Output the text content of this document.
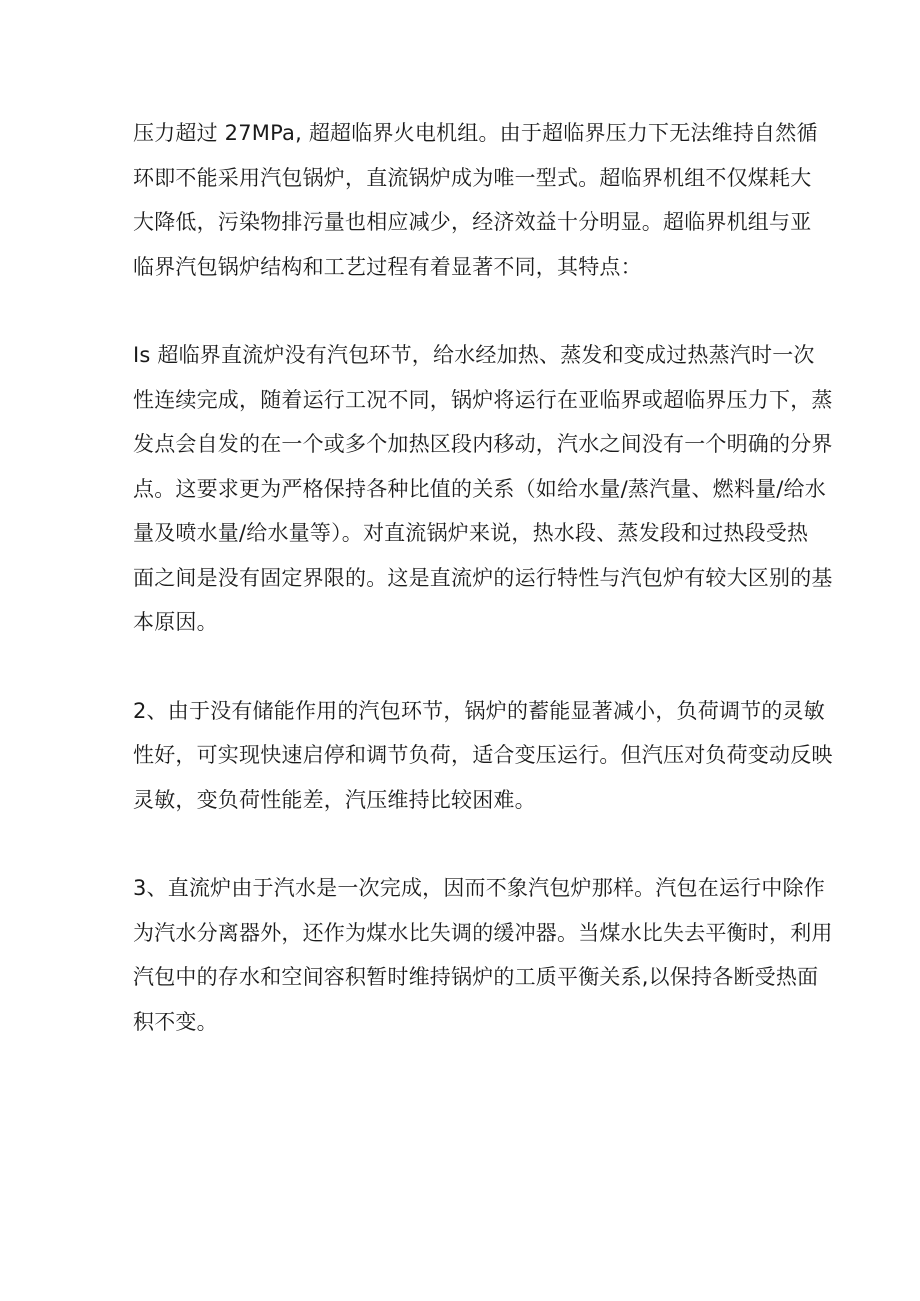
压力超过 27MPa, 超超临界火电机组。由于超临界压力下无法维持自然循
环即不能采用汽包锅炉，直流锅炉成为唯一型式。超临界机组不仅煤耗大
大降低，污染物排污量也相应减少，经济效益十分明显。超临界机组与亚
临界汽包锅炉结构和工艺过程有着显著不同，其特点：

Is 超临界直流炉没有汽包环节，给水经加热、蒸发和变成过热蒸汽时一次
性连续完成，随着运行工况不同，锅炉将运行在亚临界或超临界压力下，蒸
发点会自发的在一个或多个加热区段内移动，汽水之间没有一个明确的分界
点。这要求更为严格保持各种比值的关系（如给水量/蒸汽量、燃料量/给水
量及喷水量/给水量等）。对直流锅炉来说，热水段、蒸发段和过热段受热
面之间是没有固定界限的。这是直流炉的运行特性与汽包炉有较大区别的基
本原因。

2、由于没有储能作用的汽包环节，锅炉的蓄能显著减小，负荷调节的灵敏
性好，可实现快速启停和调节负荷，适合变压运行。但汽压对负荷变动反映
灵敏，变负荷性能差，汽压维持比较困难。

3、直流炉由于汽水是一次完成，因而不象汽包炉那样。汽包在运行中除作
为汽水分离器外，还作为煤水比失调的缓冲器。当煤水比失去平衡时，利用
汽包中的存水和空间容积暂时维持锅炉的工质平衡关系,以保持各断受热面
积不变。
